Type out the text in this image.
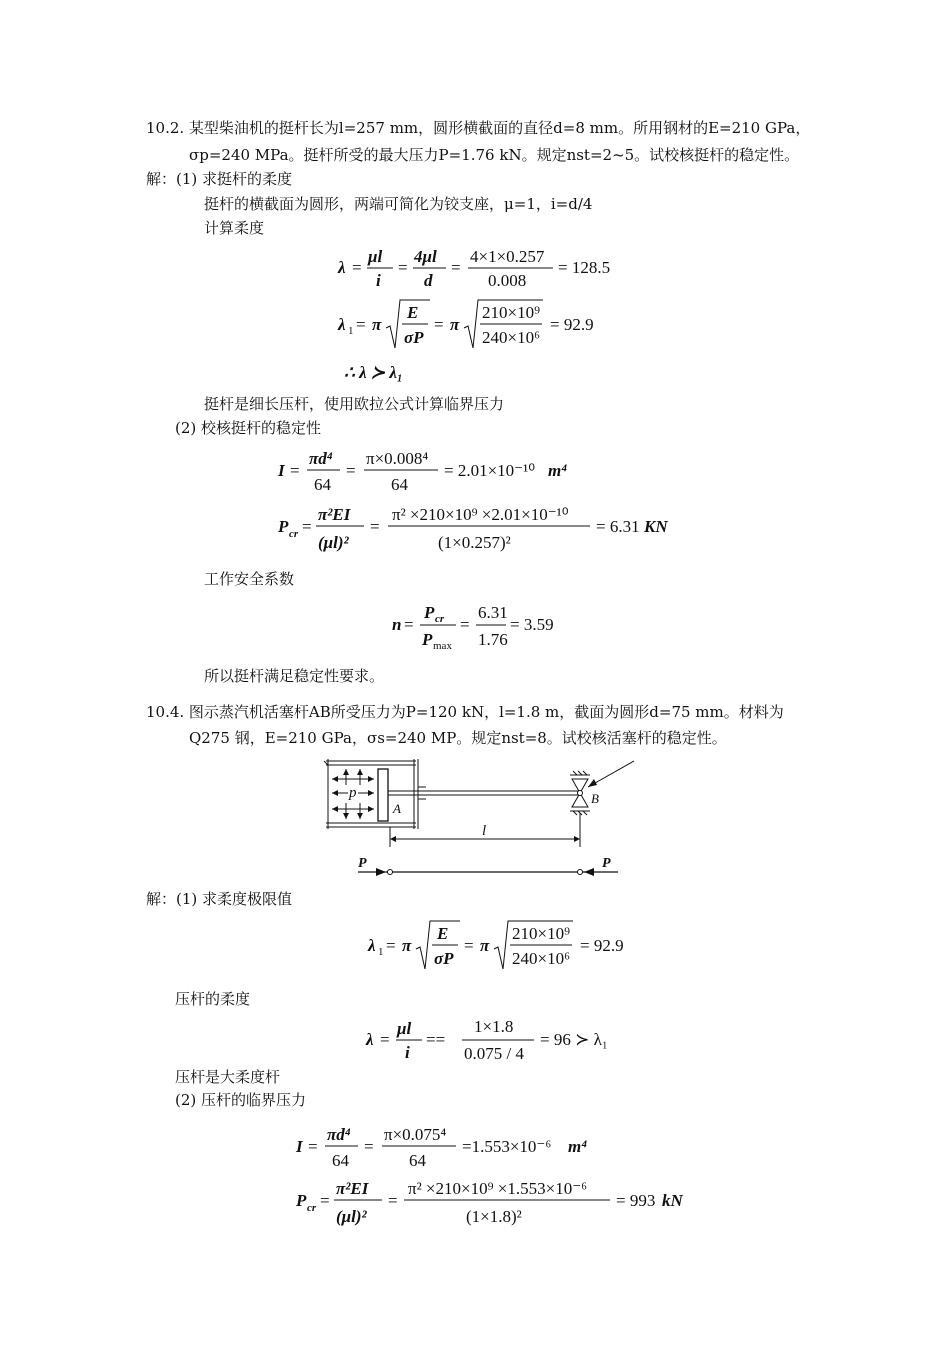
10.2. 某型柴油机的挺杆长为l=257 mm，圆形横截面的直径d=8 mm。所用钢材的E=210 GPa，
σp=240 MPa。挺杆所受的最大压力P=1.76 kN。规定nst=2~5。试校核挺杆的稳定性。
解：(1) 求挺杆的柔度
挺杆的横截面为圆形，两端可简化为铰支座，μ=1，i=d/4
计算柔度
λ =
μl
i
=
4μl
d
=
4×1×0.257
0.008
= 128.5
λ 1 = π
E
σP
= π
210×10⁹
240×10⁶
= 92.9
∴ λ ≻ λ₁
挺杆是细长压杆，使用欧拉公式计算临界压力
(2) 校核挺杆的稳定性
I =
πd⁴
64
=
π×0.008⁴
64
= 2.01×10⁻¹⁰ m⁴
P cr =
π²EI
(μl)²
=
π² ×210×10⁹ ×2.01×10⁻¹⁰
(1×0.257)²
= 6.31 KN
工作安全系数
n =
P cr
P max
=
6.31
1.76
= 3.59
所以挺杆满足稳定性要求。
10.4. 图示蒸汽机活塞杆AB所受压力为P=120 kN，l=1.8 m，截面为圆形d=75 mm。材料为
Q275 钢，E=210 GPa，σs=240 MP。规定nst=8。试校核活塞杆的稳定性。
p
A
B
l
P	P
解：(1) 求柔度极限值
λ 1 = π
E
σP
= π
210×10⁹
240×10⁶
= 92.9
压杆的柔度
λ =
μl
i
==
1×1.8
0.075 / 4
= 96 ≻ λ₁
压杆是大柔度杆
(2) 压杆的临界压力
I =
πd⁴
64
=
π×0.075⁴
64
=1.553×10⁻⁶ m⁴
P cr =
π²EI
(μl)²
=
π² ×210×10⁹ ×1.553×10⁻⁶
(1×1.8)²
= 993 kN
